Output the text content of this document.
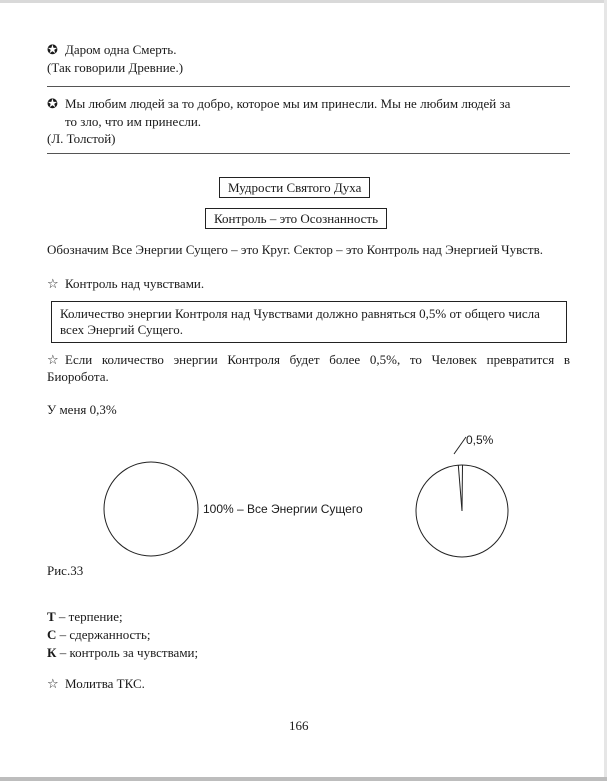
✪ Даром одна Смерть.
(Так говорили Древние.)
✪ Мы любим людей за то добро, которое мы им принесли. Мы не любим людей за
то зло, что им принесли.
(Л. Толстой)
Мудрости Святого Духа
Контроль – это Осознанность
Обозначим Все Энергии Сущего – это Круг. Сектор – это Контроль над Энергией Чувств.
☆ Контроль над чувствами.
Количество энергии Контроля над Чувствами должно равняться 0,5% от общего числа всех Энергий Сущего.
☆ Если количество энергии Контроля будет более 0,5%, то Человек превратится в Биоробота.
У меня 0,3%
100% – Все Энергии Сущего
0,5%
Рис.33
Т – терпение;
С – сдержанность;
К – контроль за чувствами;
☆ Молитва ТКС.
166
